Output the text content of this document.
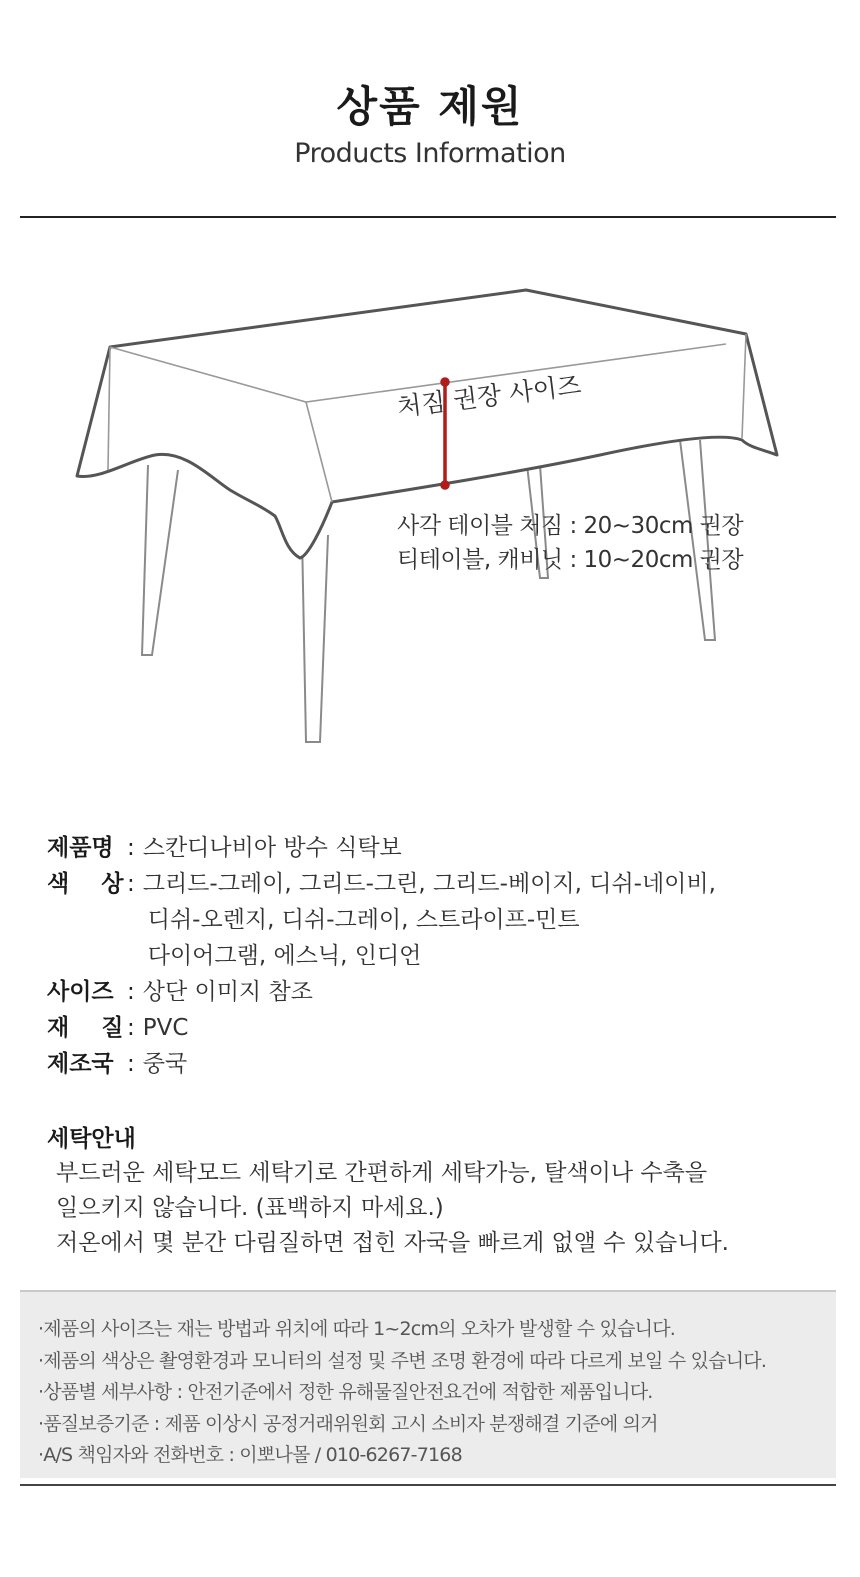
상품 제원
Products Information
처짐 권장 사이즈
사각 테이블 처짐 : 20~30cm 권장
티테이블, 캐비닛 : 10~20cm 권장
제품명 : 스칸디나비아 방수 식탁보
색    상 : 그리드-그레이, 그리드-그린, 그리드-베이지, 디쉬-네이비,
디쉬-오렌지, 디쉬-그레이, 스트라이프-민트
다이어그램, 에스닉, 인디언
사이즈 : 상단 이미지 참조
재    질 : PVC
제조국 : 중국
세탁안내
부드러운 세탁모드 세탁기로 간편하게 세탁가능, 탈색이나 수축을
일으키지 않습니다. (표백하지 마세요.)
저온에서 몇 분간 다림질하면 접힌 자국을 빠르게 없앨 수 있습니다.
·제품의 사이즈는 재는 방법과 위치에 따라 1~2cm의 오차가 발생할 수 있습니다.
·제품의 색상은 촬영환경과 모니터의 설정 및 주변 조명 환경에 따라 다르게 보일 수 있습니다.
·상품별 세부사항 : 안전기준에서 정한 유해물질안전요건에 적합한 제품입니다.
·품질보증기준 : 제품 이상시 공정거래위원회 고시 소비자 분쟁해결 기준에 의거
·A/S 책임자와 전화번호 : 이뽀나몰 / 010-6267-7168
